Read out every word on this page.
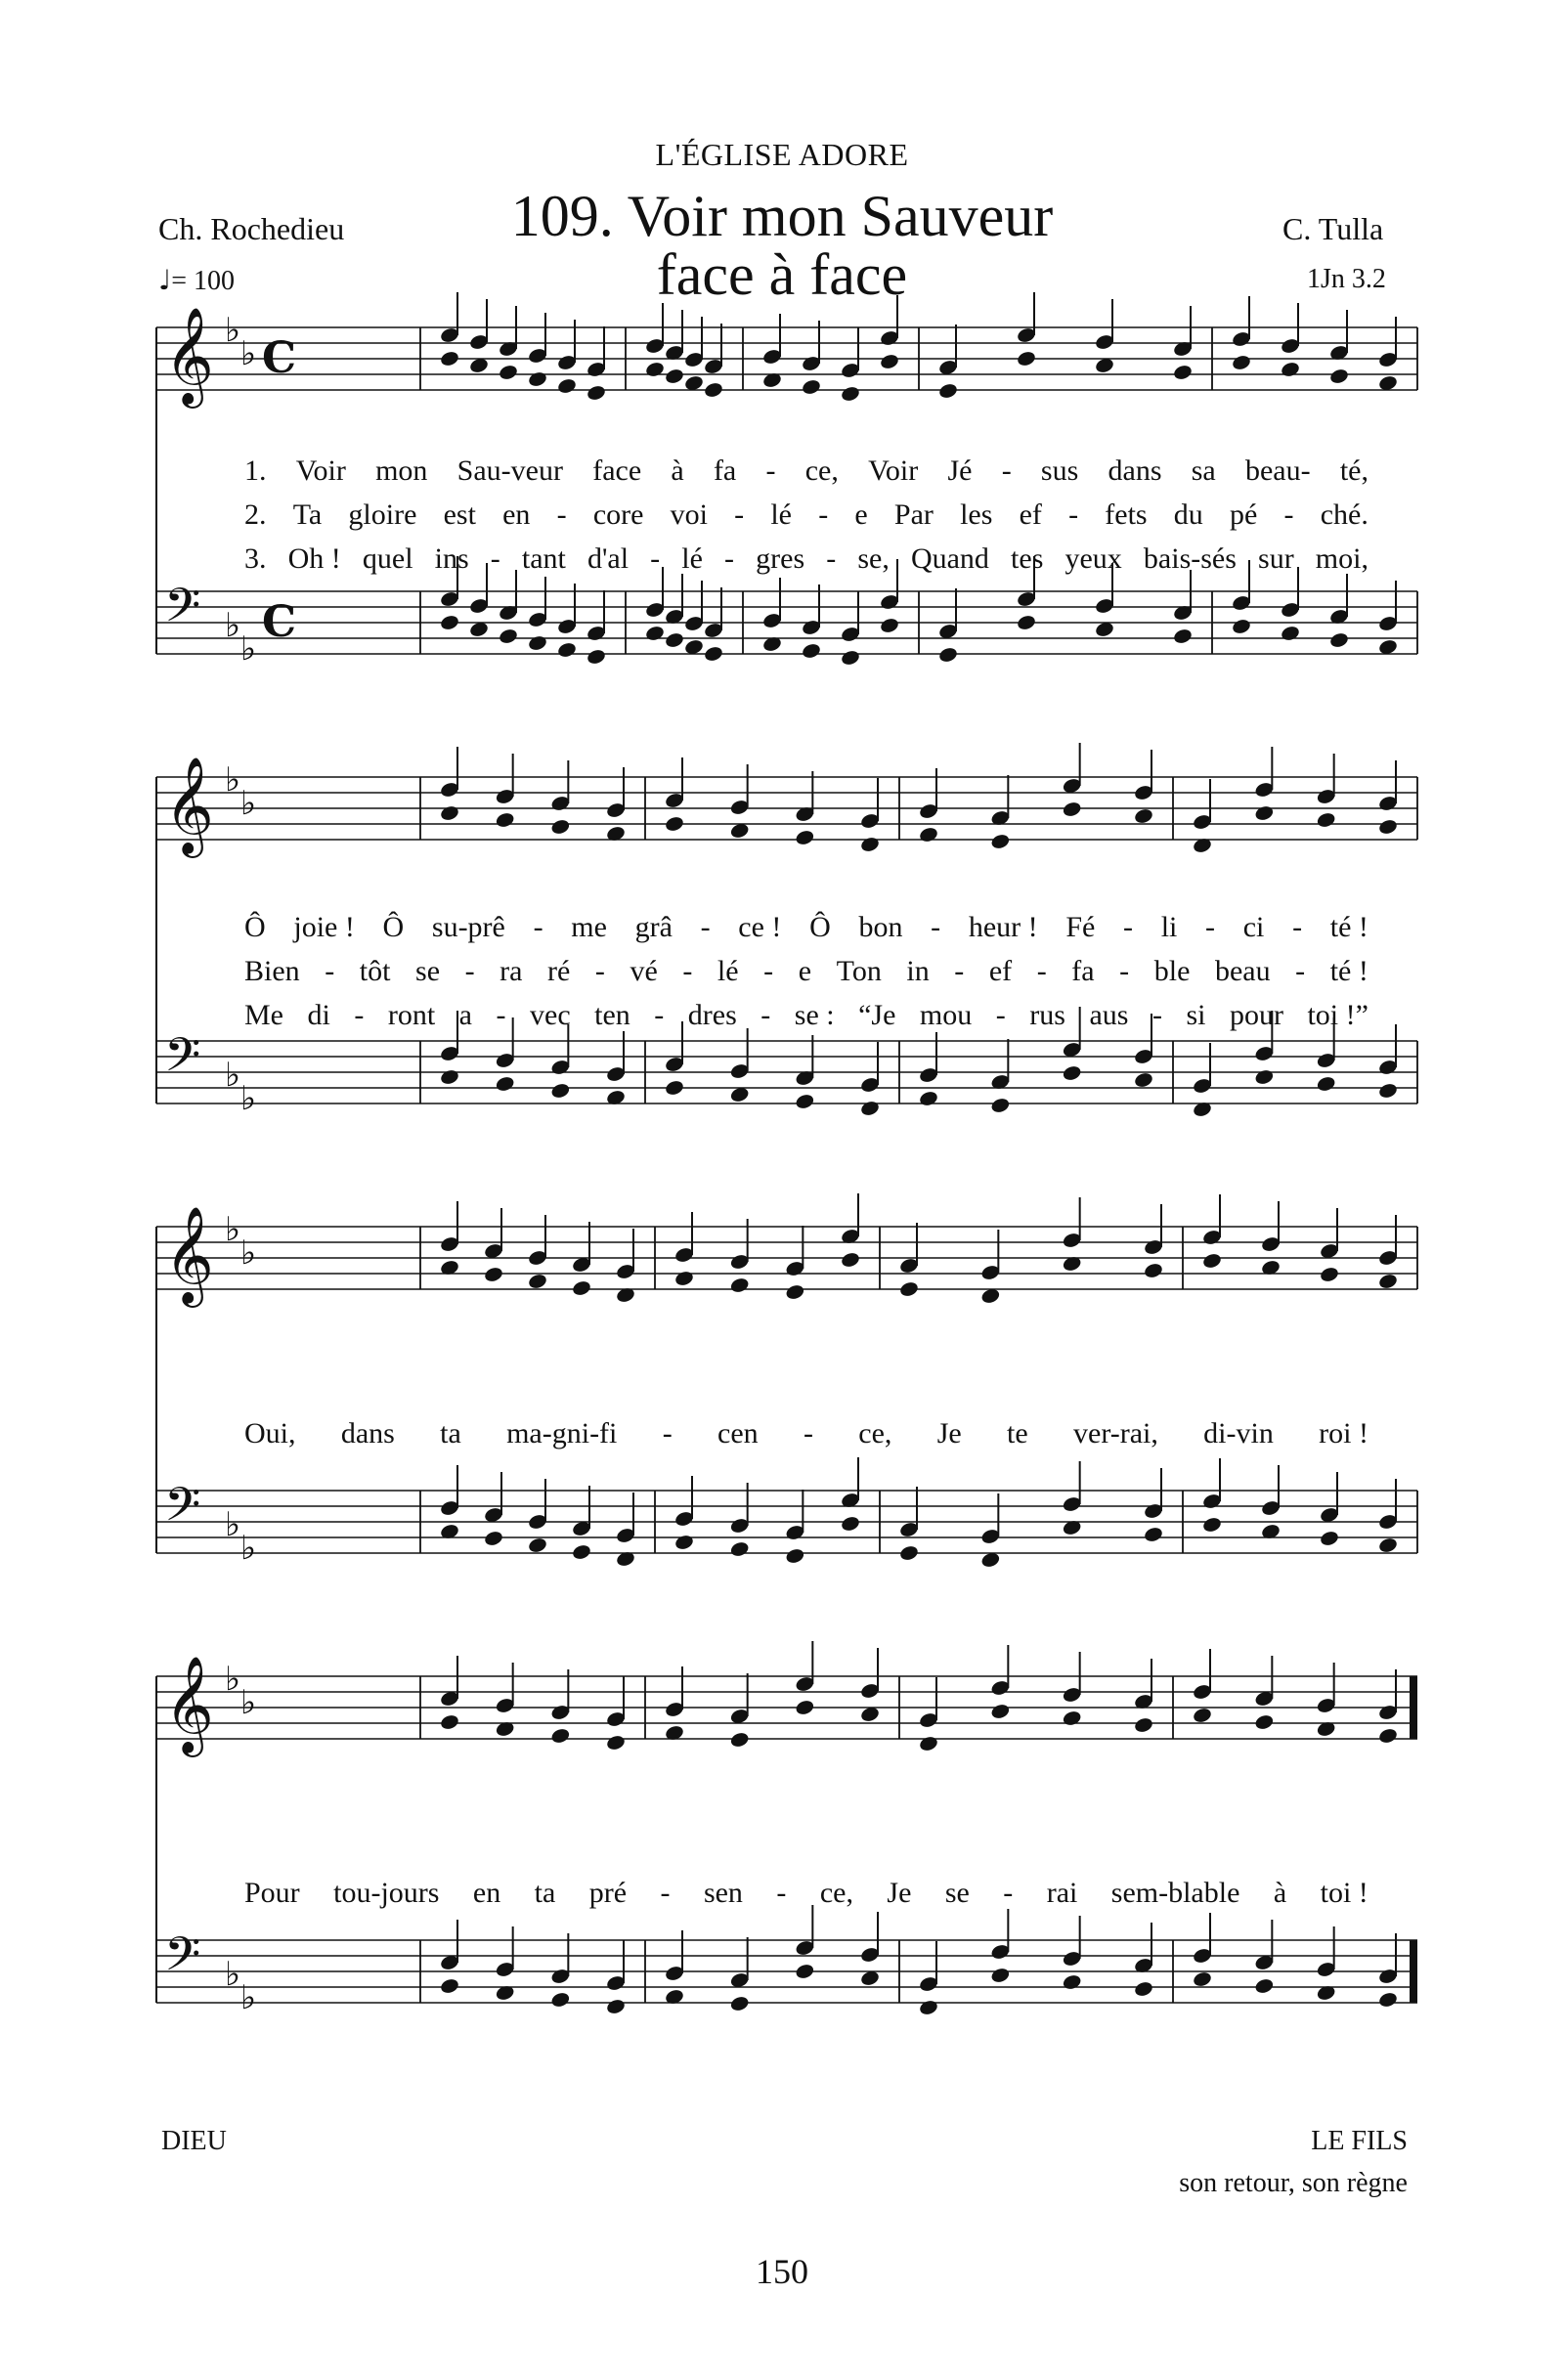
L'ÉGLISE ADORE
109. Voir mon Sauveur
face à face
Ch. Rochedieu	C. Tulla
♩= 100	1Jn 3.2
𝄞 ♭
♭ C
𝄢 ♭
♭
C
𝄞 ♭
♭
𝄢 ♭
♭
𝄞 ♭
♭
𝄢 ♭
♭
𝄞 ♭
♭
𝄢 ♭
♭
1. Voir mon Sau-veur face à fa - ce, Voir Jé - sus dans sa beau- té,
2. Ta gloire est en - core voi - lé - e Par les ef - fets du pé - ché.
3. Oh ! quel ins - tant d'al - lé - gres - se, Quand tes yeux bais-sés sur moi,
Ô joie ! Ô su-prê - me grâ - ce ! Ô bon - heur ! Fé - li - ci - té !
Bien - tôt se - ra ré - vé - lé - e Ton in - ef - fa - ble beau - té !
Me di - ront a - vec ten - dres - se : “Je mou - rus aus - si pour toi !”
Oui, dans ta ma-gni-fi - cen - ce, Je te ver-rai, di-vin roi !
Pour tou-jours en ta pré - sen - ce, Je se - rai sem-blable à toi !
DIEU	LE FILS
son retour, son règne
150
